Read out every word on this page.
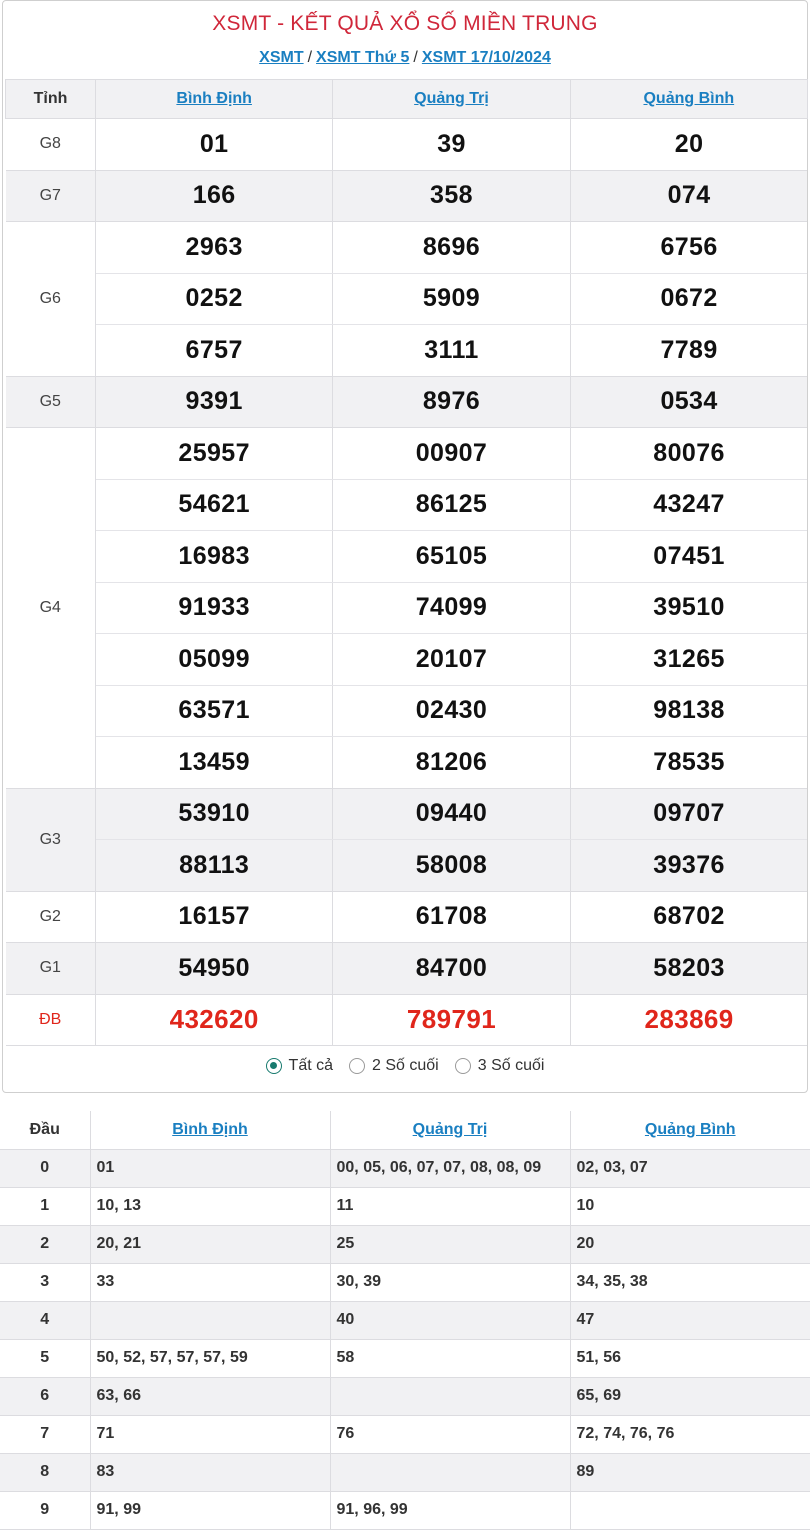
XSMT - KẾT QUẢ XỔ SỐ MIỀN TRUNG
XSMT / XSMT Thứ 5 / XSMT 17/10/2024
Tỉnh	Bình Định	Quảng Trị	Quảng Bình
G8	01	39	20
G7	166	358	074
G6	2963	8696	6756
	0252	5909	0672
	6757	3111	7789
G5	9391	8976	0534
G4	25957	00907	80076
	54621	86125	43247
	16983	65105	07451
	91933	74099	39510
	05099	20107	31265
	63571	02430	98138
	13459	81206	78535
G3	53910	09440	09707
	88113	58008	39376
G2	16157	61708	68702
G1	54950	84700	58203
ĐB	432620	789791	283869
Tất cả 2 Số cuối 3 Số cuối
Đầu	Bình Định	Quảng Trị	Quảng Bình
0	01	00, 05, 06, 07, 07, 08, 08, 09	02, 03, 07
1	10, 13	11	10
2	20, 21	25	20
3	33	30, 39	34, 35, 38
4		40	47
5	50, 52, 57, 57, 57, 59	58	51, 56
6	63, 66		65, 69
7	71	76	72, 74, 76, 76
8	83		89
9	91, 99	91, 96, 99	
